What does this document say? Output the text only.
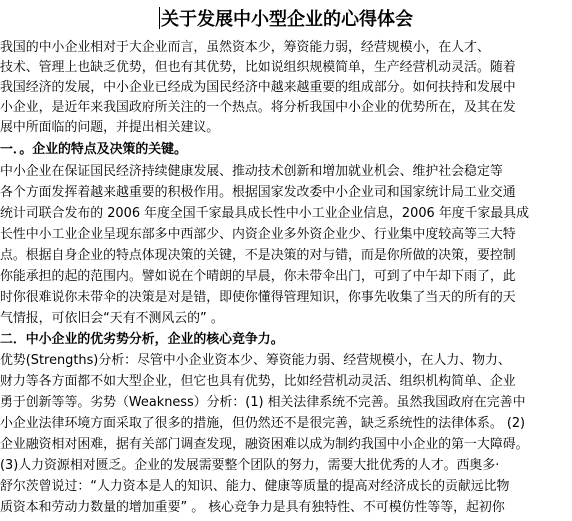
关于发展中小型企业的心得体会
我国的中小企业相对于大企业而言，虽然资本少，筹资能力弱，经营规模小，在人才、
技术、管理上也缺乏优势，但也有其优势，比如说组织规模简单，生产经营机动灵活。随着
我国经济的发展，中小企业已经成为国民经济中越来越重要的组成部分。如何扶持和发展中
小企业，是近年来我国政府所关注的一个热点。将分析我国中小企业的优势所在，及其在发
展中所面临的问题，并提出相关建议。
一．。企业的特点及决策的关键。
中小企业在保证国民经济持续健康发展、推动技术创新和增加就业机会、维护社会稳定等
各个方面发挥着越来越重要的积极作用。根据国家发改委中小企业司和国家统计局工业交通
统计司联合发布的 2006 年度全国千家最具成长性中小工业企业信息，2006 年度千家最具成
长性中小工业企业呈现东部多中西部少、内资企业多外资企业少、行业集中度较高等三大特
点。根据自身企业的特点体现决策的关键，不是决策的对与错，而是你所做的决策，要控制
你能承担的起的范围内。譬如说在个晴朗的早晨，你未带伞出门，可到了中午却下雨了，此
时你很难说你未带伞的决策是对是错，即使你懂得管理知识，你事先收集了当天的所有的天
气情报，可依旧会“天有不测风云的” 。
二．中小企业的优劣势分析，企业的核心竞争力。
优势(Strengths)分析：尽管中小企业资本少、筹资能力弱、经营规模小，在人力、物力、
财力等各方面都不如大型企业，但它也具有优势，比如经营机动灵活、组织机构简单、企业
勇于创新等等。劣势（Weakness）分析：(1) 相关法律系统不完善。虽然我国政府在完善中
小企业法律环境方面采取了很多的措施，但仍然还不是很完善，缺乏系统性的法律体系。 (2)
企业融资相对困难，据有关部门调查发现，融资困难以成为制约我国中小企业的第一大障碍。
(3)人力资源相对匮乏。企业的发展需要整个团队的努力，需要大批优秀的人才。西奥多·
舒尔茨曾说过：“人力资本是人的知识、能力、健康等质量的提高对经济成长的贡献远比物
质资本和劳动力数量的增加重要” 。 核心竞争力是具有独特性、不可模仿性等等，起初你
